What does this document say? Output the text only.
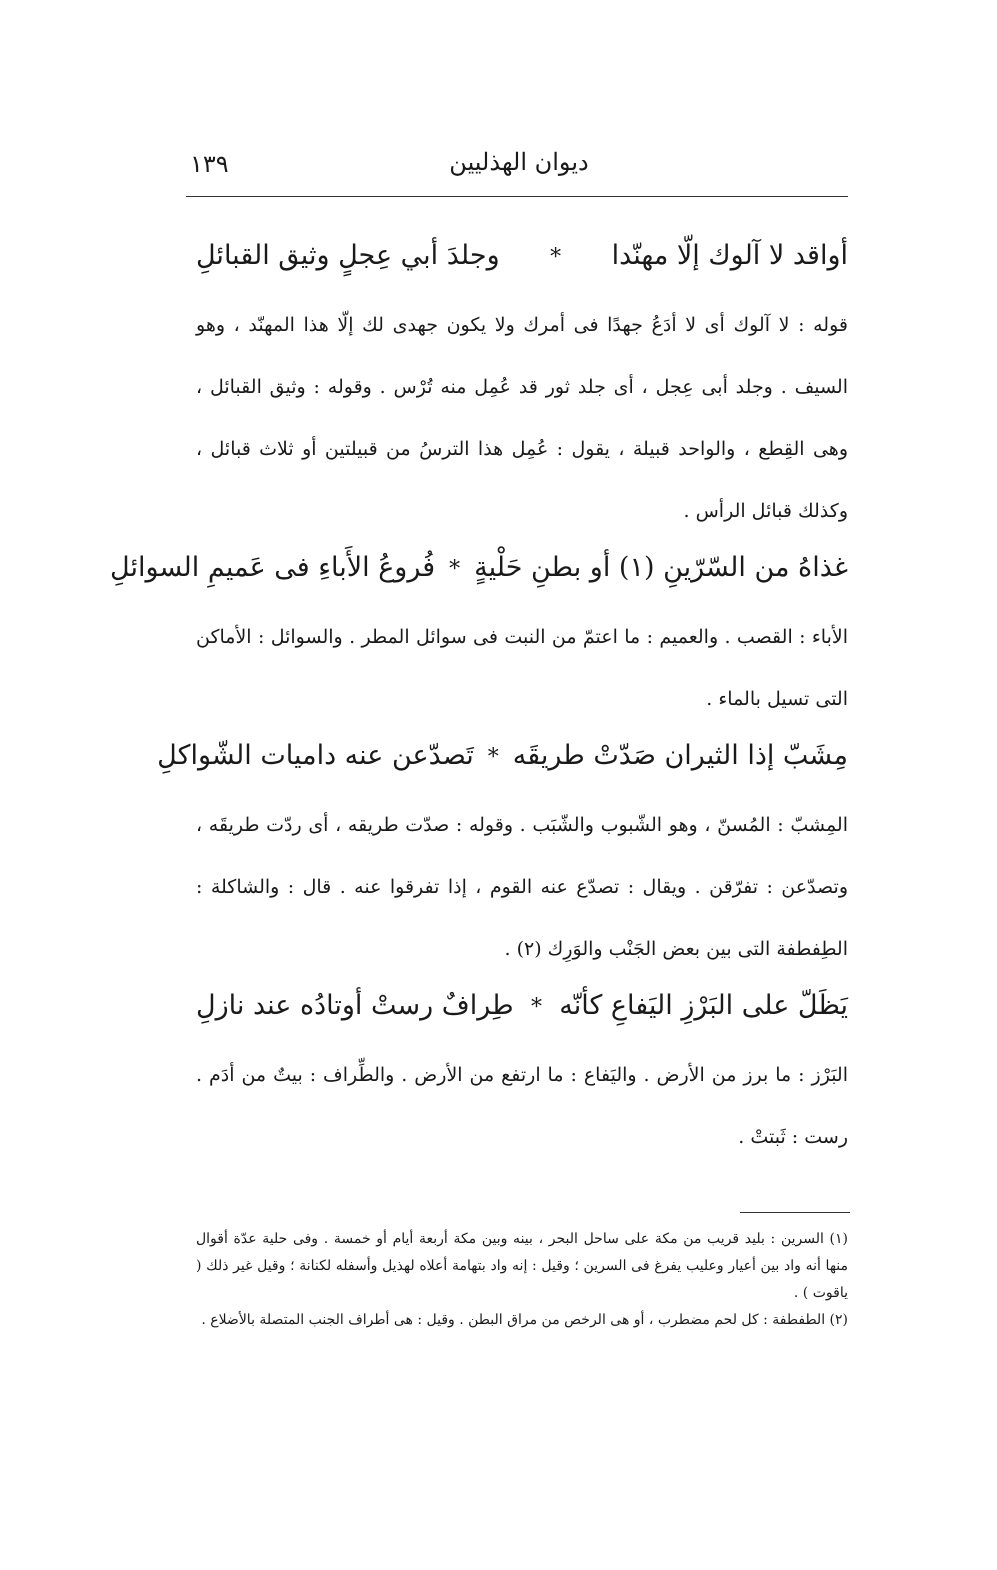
ديوان الهذليين
١٣٩
أواقد لا آلوك إلّا مهنّدا
*
وجلدَ أبي عِجلٍ وثيق القبائلِ

قوله : لا آلوك أى لا أدَعُ جهدًا فى أمرك ولا يكون جهدى لك إلّا هذا المهنّد ، وهو السيف . وجلد أبى عِجل ، أى جلد ثور قد عُمِل منه تُرْس . وقوله : وثيق القبائل ، وهى القِطع ، والواحد قبيلة ، يقول : عُمِل هذا الترسُ من قبيلتين أو ثلاث قبائل ، وكذلك قبائل الرأس .

غذاهُ من السّرّينِ (١) أو بطنِ حَلْيةٍ
*
فُروعُ الأَباءِ فى عَميمِ السوائلِ

الأباء : القصب . والعميم : ما اعتمّ من النبت فى سوائل المطر . والسوائل : الأماكن التى تسيل بالماء .

مِشَبّ إذا الثيران صَدّتْ طريقَه
*
تَصدّعن عنه داميات الشّواكلِ

المِشبّ : المُسنّ ، وهو الشّبوب والشّبَب . وقوله : صدّت طريقه ، أى ردّت طريقَه ، وتصدّعن : تفرّقن . ويقال : تصدّع عنه القوم ، إذا تفرقوا عنه . قال : والشاكلة : الطِفطفة التى بين بعض الجَنْب والوَرِك (٢) .

يَظَلّ على البَرْزِ اليَفاعِ كأنّه
*
طِرافٌ رستْ أوتادُه عند نازلِ

البَرْز : ما برز من الأرض . واليَفاع : ما ارتفع من الأرض . والطِّراف : بيتٌ من أدَم . رست : ثَبتتْ .

(١) السرين : بليد قريب من مكة على ساحل البحر ، بينه وبين مكة أربعة أيام أو خمسة . وفى حلية عدّة أقوال منها أنه واد بين أعيار وعليب يفرغ فى السرين ؛ وقيل : إنه واد بتهامة أعلاه لهذيل وأسفله لكنانة ؛ وقيل غير ذلك ( ياقوت ) .

(٢) الطفطفة : كل لحم مضطرب ، أو هى الرخص من مراق البطن . وقيل : هى أطراف الجنب المتصلة بالأضلاع .
